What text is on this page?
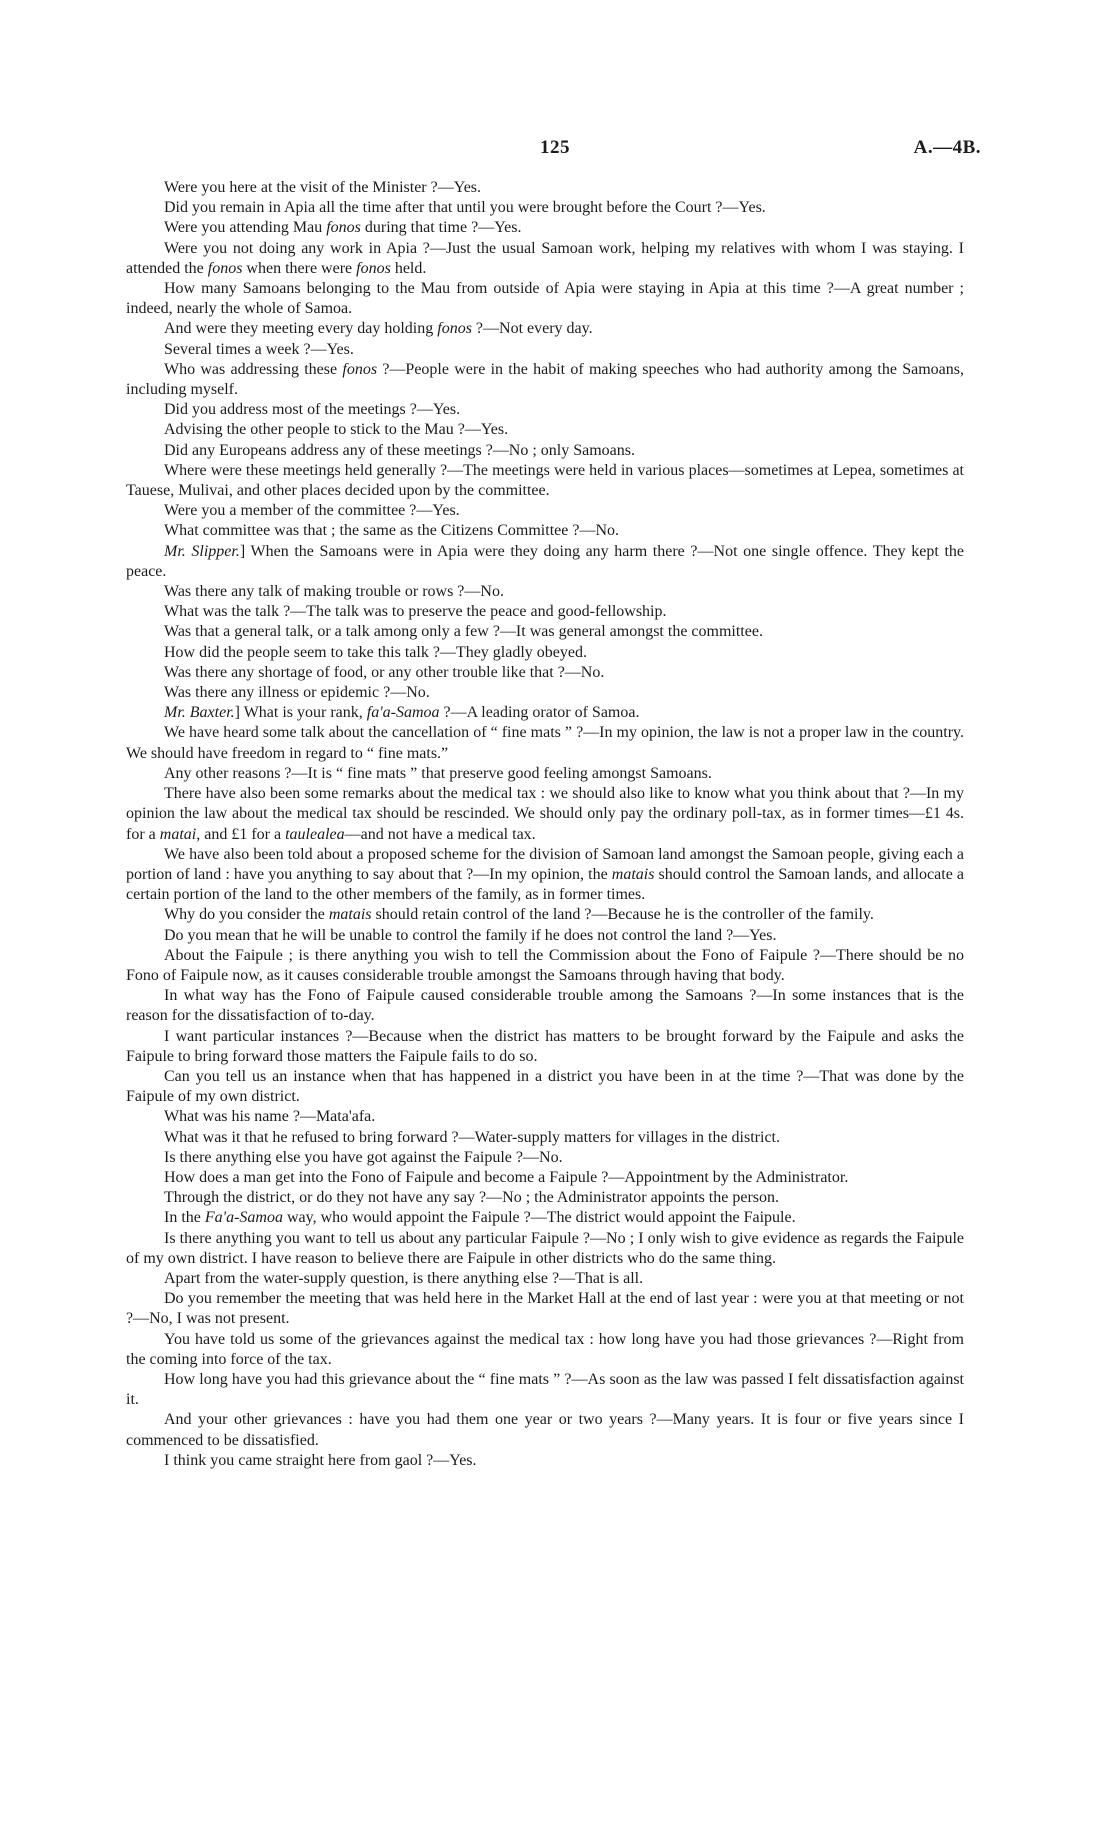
125	A.—4B.

Were you here at the visit of the Minister ?—Yes.

Did you remain in Apia all the time after that until you were brought before the Court ?—Yes.

Were you attending Mau fonos during that time ?—Yes.

Were you not doing any work in Apia ?—Just the usual Samoan work, helping my relatives with whom I was staying. I attended the fonos when there were fonos held.

How many Samoans belonging to the Mau from outside of Apia were staying in Apia at this time ?—A great number ; indeed, nearly the whole of Samoa.

And were they meeting every day holding fonos ?—Not every day.

Several times a week ?—Yes.

Who was addressing these fonos ?—People were in the habit of making speeches who had authority among the Samoans, including myself.

Did you address most of the meetings ?—Yes.

Advising the other people to stick to the Mau ?—Yes.

Did any Europeans address any of these meetings ?—No ; only Samoans.

Where were these meetings held generally ?—The meetings were held in various places—sometimes at Lepea, sometimes at Tauese, Mulivai, and other places decided upon by the committee.

Were you a member of the committee ?—Yes.

What committee was that ; the same as the Citizens Committee ?—No.

Mr. Slipper.] When the Samoans were in Apia were they doing any harm there ?—Not one single offence. They kept the peace.

Was there any talk of making trouble or rows ?—No.

What was the talk ?—The talk was to preserve the peace and good-fellowship.

Was that a general talk, or a talk among only a few ?—It was general amongst the committee.

How did the people seem to take this talk ?—They gladly obeyed.

Was there any shortage of food, or any other trouble like that ?—No.

Was there any illness or epidemic ?—No.

Mr. Baxter.] What is your rank, fa'a-Samoa ?—A leading orator of Samoa.

We have heard some talk about the cancellation of “ fine mats ” ?—In my opinion, the law is not a proper law in the country. We should have freedom in regard to “ fine mats.”

Any other reasons ?—It is “ fine mats ” that preserve good feeling amongst Samoans.

There have also been some remarks about the medical tax : we should also like to know what you think about that ?—In my opinion the law about the medical tax should be rescinded. We should only pay the ordinary poll-tax, as in former times—£1 4s. for a matai, and £1 for a taulealea—and not have a medical tax.

We have also been told about a proposed scheme for the division of Samoan land amongst the Samoan people, giving each a portion of land : have you anything to say about that ?—In my opinion, the matais should control the Samoan lands, and allocate a certain portion of the land to the other members of the family, as in former times.

Why do you consider the matais should retain control of the land ?—Because he is the controller of the family.

Do you mean that he will be unable to control the family if he does not control the land ?—Yes.

About the Faipule ; is there anything you wish to tell the Commission about the Fono of Faipule ?—There should be no Fono of Faipule now, as it causes considerable trouble amongst the Samoans through having that body.

In what way has the Fono of Faipule caused considerable trouble among the Samoans ?—In some instances that is the reason for the dissatisfaction of to-day.

I want particular instances ?—Because when the district has matters to be brought forward by the Faipule and asks the Faipule to bring forward those matters the Faipule fails to do so.

Can you tell us an instance when that has happened in a district you have been in at the time ?—That was done by the Faipule of my own district.

What was his name ?—Mata'afa.

What was it that he refused to bring forward ?—Water-supply matters for villages in the district.

Is there anything else you have got against the Faipule ?—No.

How does a man get into the Fono of Faipule and become a Faipule ?—Appointment by the Administrator.

Through the district, or do they not have any say ?—No ; the Administrator appoints the person.

In the Fa'a-Samoa way, who would appoint the Faipule ?—The district would appoint the Faipule.

Is there anything you want to tell us about any particular Faipule ?—No ; I only wish to give evidence as regards the Faipule of my own district. I have reason to believe there are Faipule in other districts who do the same thing.

Apart from the water-supply question, is there anything else ?—That is all.

Do you remember the meeting that was held here in the Market Hall at the end of last year : were you at that meeting or not ?—No, I was not present.

You have told us some of the grievances against the medical tax : how long have you had those grievances ?—Right from the coming into force of the tax.

How long have you had this grievance about the “ fine mats ” ?—As soon as the law was passed I felt dissatisfaction against it.

And your other grievances : have you had them one year or two years ?—Many years. It is four or five years since I commenced to be dissatisfied.

I think you came straight here from gaol ?—Yes.
